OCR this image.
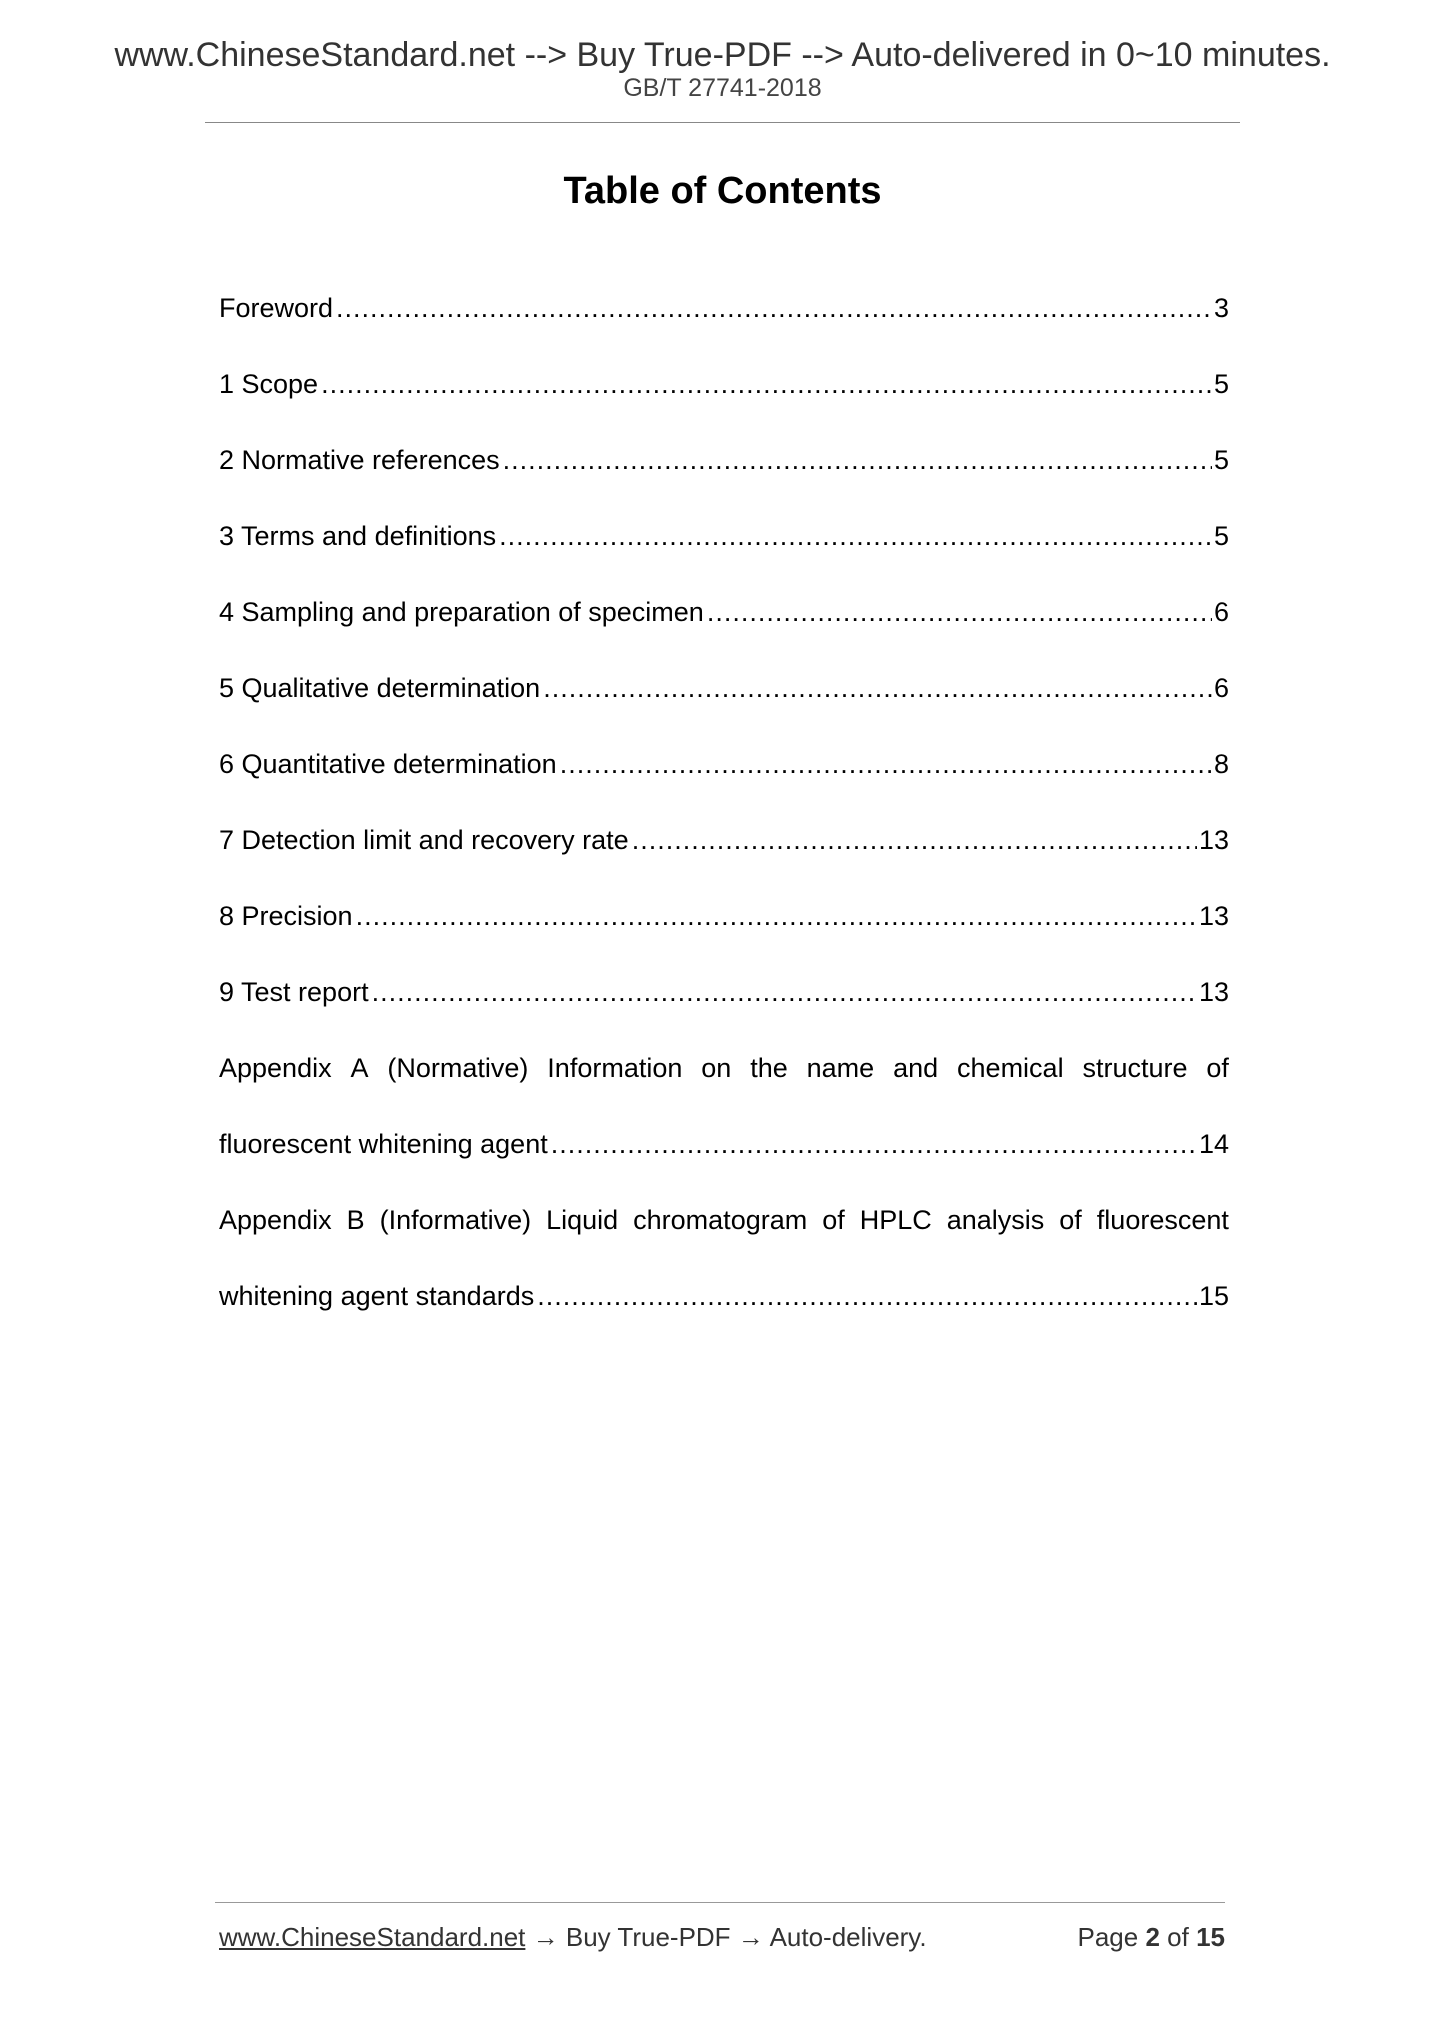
www.ChineseStandard.net --> Buy True-PDF --> Auto-delivered in 0~10 minutes.
GB/T 27741-2018
Table of Contents
Foreword .....	3
1 Scope .....	5
2 Normative references .....	5
3 Terms and definitions .....	5
4 Sampling and preparation of specimen .....	6
5 Qualitative determination .....	6
6 Quantitative determination .....	8
7 Detection limit and recovery rate .....	13
8 Precision .....	13
9 Test report .....	13
Appendix A (Normative) Information on the name and chemical structure of
fluorescent whitening agent .....	14
Appendix B (Informative) Liquid chromatogram of HPLC analysis of fluorescent
whitening agent standards .....	15
www.ChineseStandard.net → Buy True-PDF → Auto-delivery.	Page 2 of 15
